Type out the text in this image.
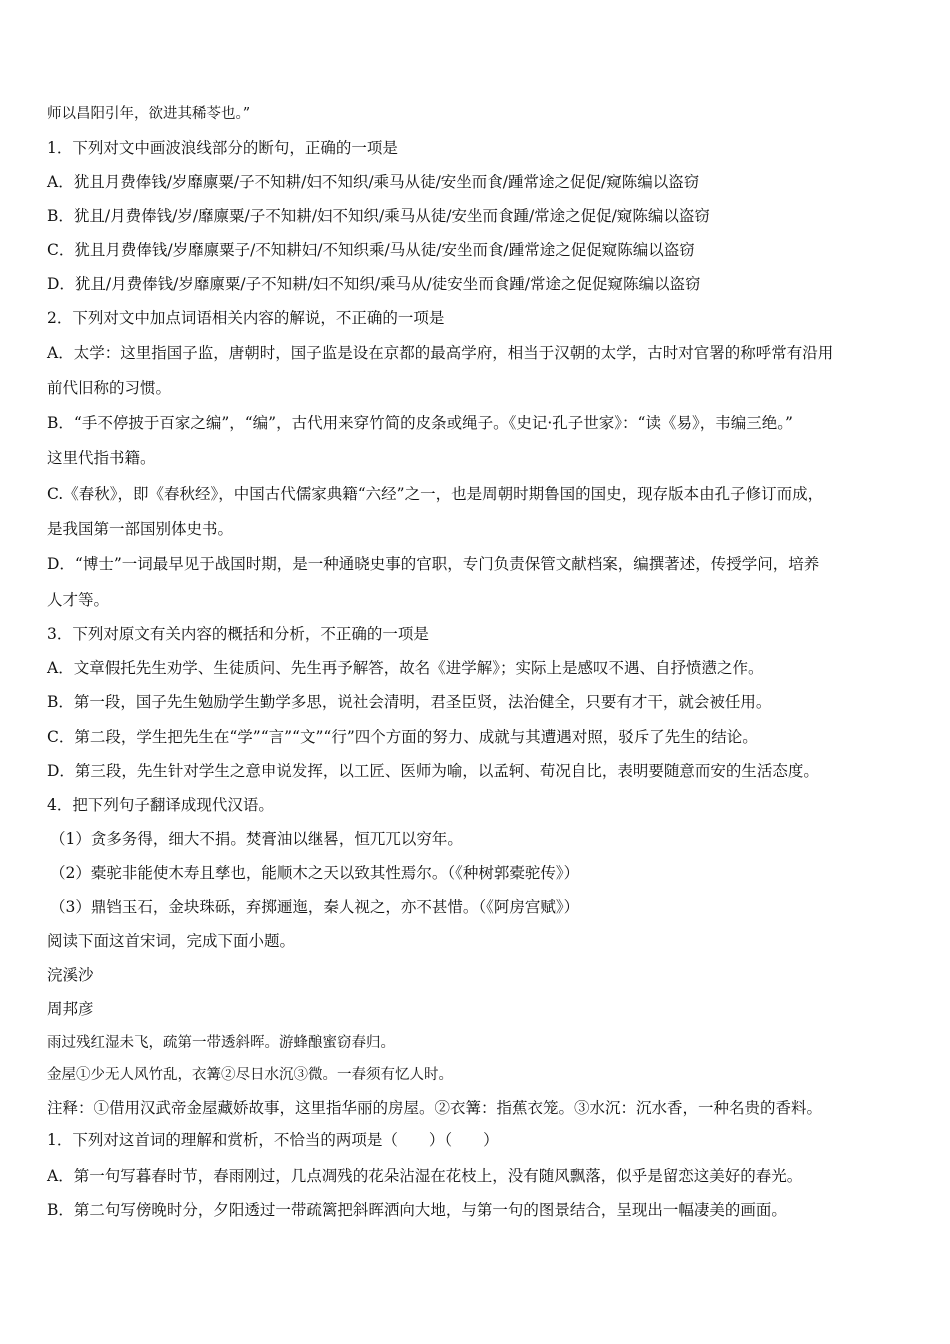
师以昌阳引年，欲进其稀苓也。”
1．下列对文中画波浪线部分的断句，正确的一项是
A．犹且月费俸钱/岁靡廪粟/子不知耕/妇不知织/乘马从徒/安坐而食/踵常途之促促/窥陈编以盗窃
B．犹且/月费俸钱/岁/靡廪粟/子不知耕/妇不知织/乘马从徒/安坐而食踵/常途之促促/窥陈编以盗窃
C．犹且月费俸钱/岁靡廪粟子/不知耕妇/不知织乘/马从徒/安坐而食/踵常途之促促窥陈编以盗窃
D．犹且/月费俸钱/岁靡廪粟/子不知耕/妇不知织/乘马从/徒安坐而食踵/常途之促促窥陈编以盗窃
2．下列对文中加点词语相关内容的解说，不正确的一项是
A．太学：这里指国子监，唐朝时，国子监是设在京都的最高学府，相当于汉朝的太学，古时对官署的称呼常有沿用
前代旧称的习惯。
B．“手不停披于百家之编”，“编”，古代用来穿竹简的皮条或绳子。《史记·孔子世家》：“读《易》，韦编三绝。”
这里代指书籍。
C.《春秋》，即《春秋经》，中国古代儒家典籍“六经”之一，也是周朝时期鲁国的国史，现存版本由孔子修订而成，
是我国第一部国别体史书。
D．“博士”一词最早见于战国时期，是一种通晓史事的官职，专门负责保管文献档案，编撰著述，传授学问，培养
人才等。
3．下列对原文有关内容的概括和分析，不正确的一项是
A．文章假托先生劝学、生徒质问、先生再予解答，故名《进学解》；实际上是感叹不遇、自抒愤懑之作。
B．第一段，国子先生勉励学生勤学多思，说社会清明，君圣臣贤，法治健全，只要有才干，就会被任用。
C．第二段，学生把先生在“学”“言”“文”“行”四个方面的努力、成就与其遭遇对照，驳斥了先生的结论。
D．第三段，先生针对学生之意申说发挥，以工匠、医师为喻，以孟轲、荀况自比，表明要随意而安的生活态度。
4．把下列句子翻译成现代汉语。
（1）贪多务得，细大不捐。焚膏油以继晷，恒兀兀以穷年。
（2）橐驼非能使木寿且孳也，能顺木之天以致其性焉尔。（《种树郭橐驼传》）
（3）鼎铛玉石，金块珠砾，弃掷逦迤，秦人视之，亦不甚惜。（《阿房宫赋》）
阅读下面这首宋词，完成下面小题。
浣溪沙
周邦彦
雨过残红湿未飞，疏第一带透斜晖。游蜂酿蜜窃春归。
金屋①少无人风竹乱，衣篝②尽日水沉③微。一春须有忆人时。
注释：①借用汉武帝金屋藏娇故事，这里指华丽的房屋。②衣篝：指蕉衣笼。③水沉：沉水香，一种名贵的香料。
1．下列对这首词的理解和赏析，不恰当的两项是（　　）（　　）
A．第一句写暮春时节，春雨刚过，几点凋残的花朵沾湿在花枝上，没有随风飘落，似乎是留恋这美好的春光。
B．第二句写傍晚时分，夕阳透过一带疏篱把斜晖洒向大地，与第一句的图景结合，呈现出一幅凄美的画面。
